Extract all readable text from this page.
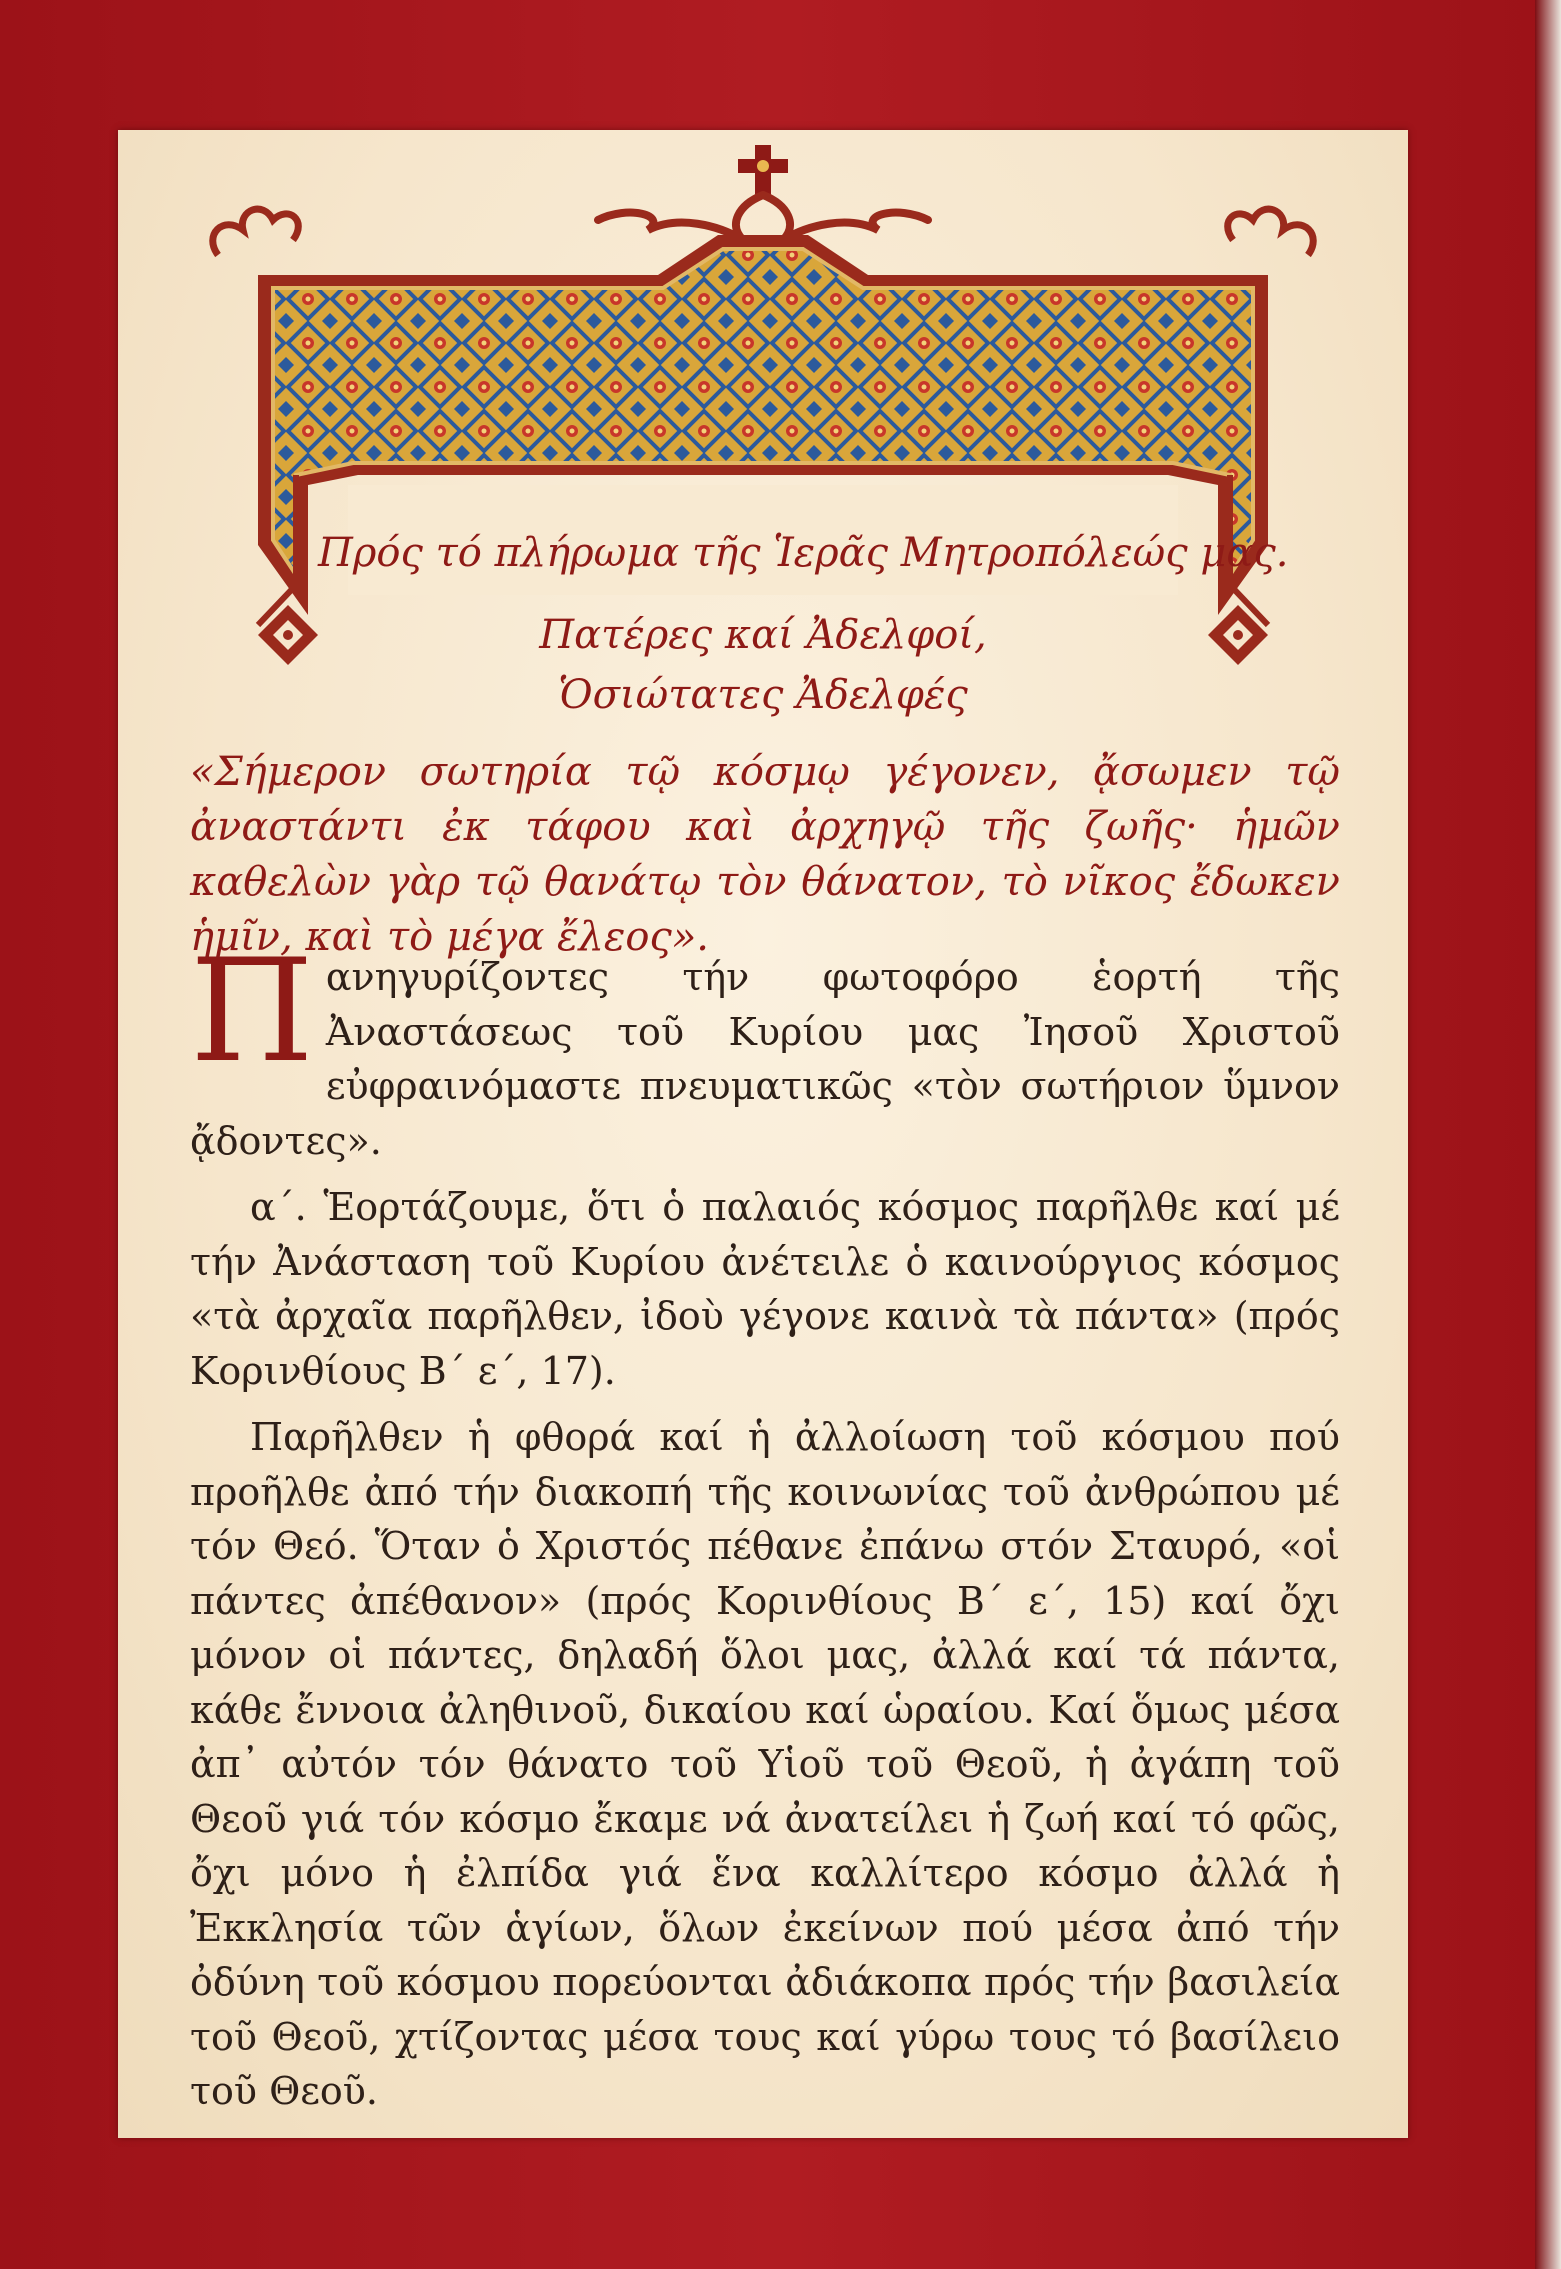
Πρός τό πλήρωμα τῆς Ἱερᾶς Μητροπόλεώς μας.
Πατέρες καί Ἀδελφοί,
Ὁσιώτατες Ἀδελφές
«Σήμερον σωτηρία τῷ κόσμῳ γέγονεν, ᾄσωμεν τῷ ἀναστάντι ἐκ τάφου καὶ ἀρχηγῷ τῆς ζωῆς· ἡμῶν καθελὼν γὰρ τῷ θανάτῳ τὸν θάνατον, τὸ νῖκος ἔδωκεν ἡμῖν, καὶ τὸ μέγα ἔλεος».

Π ανηγυρίζοντες τήν φωτοφόρο ἑορτή τῆς Ἀναστάσεως τοῦ Κυρίου μας Ἰησοῦ Χριστοῦ εὐφραινόμαστε πνευματικῶς «τὸν σωτήριον ὕμνον ᾄδοντες».

α΄. Ἑορτάζουμε, ὅτι ὁ παλαιός κόσμος παρῆλθε καί μέ τήν Ἀνάσταση τοῦ Κυρίου ἀνέτειλε ὁ καινούργιος κόσμος «τὰ ἀρχαῖα παρῆλθεν, ἰδοὺ γέγονε καινὰ τὰ πάντα» (πρός Κορινθίους Β΄ ε΄, 17).

Παρῆλθεν ἡ φθορά καί ἡ ἀλλοίωση τοῦ κόσμου πού προῆλθε ἀπό τήν διακοπή τῆς κοινωνίας τοῦ ἀνθρώπου μέ τόν Θεό. Ὅταν ὁ Χριστός πέθανε ἐπάνω στόν Σταυρό, «οἱ πάντες ἀπέθανον» (πρός Κορινθίους Β΄ ε΄, 15) καί ὄχι μόνον οἱ πάντες, δηλαδή ὅλοι μας, ἀλλά καί τά πάντα, κάθε ἔννοια ἀληθινοῦ, δικαίου καί ὡραίου. Καί ὅμως μέσα ἀπ᾿ αὐτόν τόν θάνατο τοῦ Υἱοῦ τοῦ Θεοῦ, ἡ ἀγάπη τοῦ Θεοῦ γιά τόν κόσμο ἔκαμε νά ἀνατείλει ἡ ζωή καί τό φῶς, ὄχι μόνο ἡ ἐλπίδα γιά ἕνα καλλίτερο κόσμο ἀλλά ἡ Ἐκκλησία τῶν ἁγίων, ὅλων ἐκείνων πού μέσα ἀπό τήν ὀδύνη τοῦ κόσμου πορεύονται ἀδιάκοπα πρός τήν βασιλεία τοῦ Θεοῦ, χτίζοντας μέσα τους καί γύρω τους τό βασίλειο τοῦ Θεοῦ.
